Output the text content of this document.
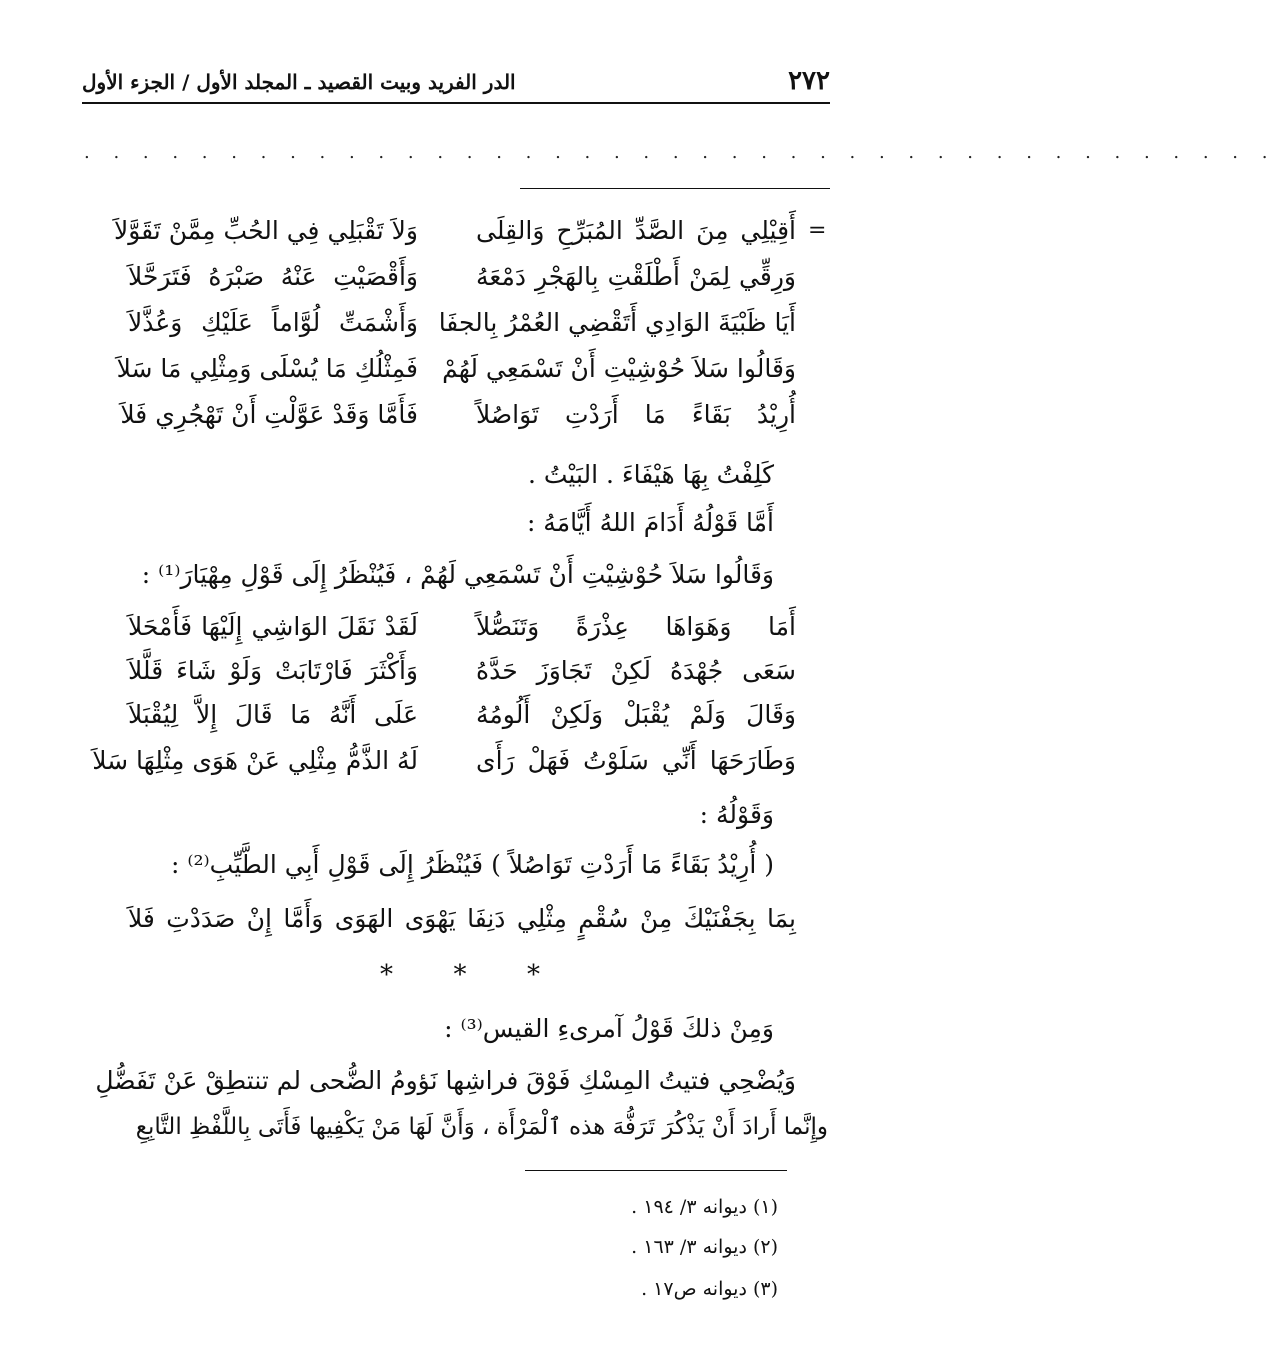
٢٧٢
الدر الفريد وبيت القصيد ـ المجلد الأول / الجزء الأول
. . . . . . . . . . . . . . . . . . . . . . . . . . . . . . . . . . . . . . . . .
=
أَقِيْلِي مِنَ الصَّدِّ المُبَرِّحِ وَالقِلَى
وَلاَ تَقْبَلِي فِي الحُبِّ مِمَّنْ تَقَوَّلاَ
وَرِقِّي لِمَنْ أَطْلَقْتِ بِالهَجْرِ دَمْعَهُ
وَأَقْصَيْتِ عَنْهُ صَبْرَهُ فَتَرَحَّلاَ
أَيَا ظَبْيَةَ الوَادِي أَتَقْضِي العُمْرُ بِالجفَا
وَأَشْمَتِّ لُوَّاماً عَلَيْكِ وَعُذَّلاَ
وَقَالُوا سَلاَ حُوْشِيْتِ أَنْ تَسْمَعِي لَهُمْ
فَمِثْلُكِ مَا يُسْلَى وَمِثْلِي مَا سَلاَ
أُرِيْدُ بَقَاءً مَا أَرَدْتِ تَوَاصُلاً
فَأَمَّا وَقَدْ عَوَّلْتِ أَنْ تَهْجُرِي فَلاَ
كَلِفْتُ بِهَا هَيْفَاءَ . البَيْتُ .
أَمَّا قَوْلُهُ أَدَامَ اللهُ أَيَّامَهُ :
وَقَالُوا سَلاَ حُوْشِيْتِ أَنْ تَسْمَعِي لَهُمْ ، فَيُنْظَرُ إِلَى قَوْلِ مِهْيَارَ⁽¹⁾ :
أَمَا وَهَوَاهَا عِذْرَةً وَتَنَصُّلاً
لَقَدْ نَقَلَ الوَاشِي إِلَيْهَا فَأَمْحَلاَ
سَعَى جُهْدَهُ لَكِنْ تَجَاوَزَ حَدَّهُ
وَأَكْثَرَ فَارْتَابَتْ وَلَوْ شَاءَ قَلَّلاَ
وَقَالَ وَلَمْ يُقْبَلْ وَلَكِنْ أَلُومُهُ
عَلَى أَنَّهُ مَا قَالَ إِلاَّ لِيُقْبَلاَ
وَطَارَحَهَا أَنِّي سَلَوْتُ فَهَلْ رَأَى
لَهُ الذَّمُّ مِثْلِي عَنْ هَوَى مِثْلِهَا سَلاَ
وَقَوْلُهُ :
( أُرِيْدُ بَقَاءً مَا أَرَدْتِ تَوَاصُلاً ) فَيُنْظَرُ إِلَى قَوْلِ أَبِي الطَّيِّبِ⁽²⁾ :
بِمَا بِجَفْنَيْكَ مِنْ سُقْمٍ مِثْلِي دَنِفَا يَهْوَى الهَوَى وَأَمَّا إِنْ صَدَدْتِ فَلاَ
* * *
وَمِنْ ذلكَ قَوْلُ آمرىءِ القيس⁽³⁾ :
وَيُضْحِي فتيتُ المِسْكِ فَوْقَ فراشِها نَؤومُ الضُّحى لم تنتطِقْ عَنْ تَفَضُّلِ
وإِنَّما أَرادَ أَنْ يَذْكُرَ تَرَفُّهَ هذه ٱلْمَرْأَة ، وَأَنَّ لَهَا مَنْ يَكْفِيها فَأَتَى بِاللَّفْظِ التَّابِعِ
(١) ديوانه ٣/ ١٩٤ .
(٢) ديوانه ٣/ ١٦٣ .
(٣) ديوانه ص١٧ .
